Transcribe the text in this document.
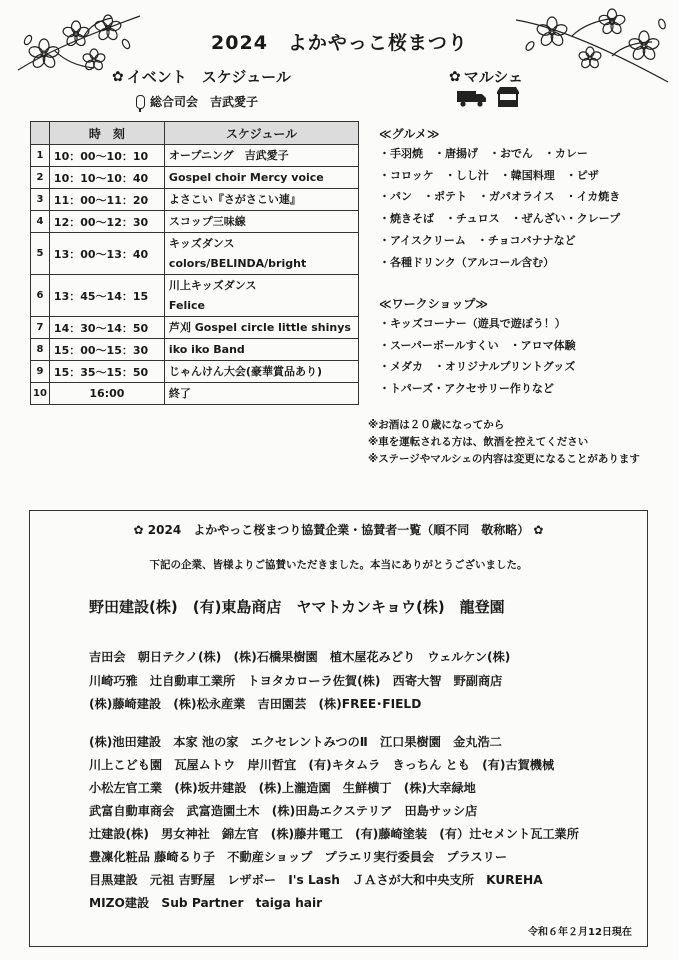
2024　よかやっこ桜まつり
✿ イベント　スケジュール
総合司会　吉武愛子
	時　刻	スケジュール
1	10：00〜10：10	オープニング　吉武愛子
2	10：10〜10：40	Gospel choir Mercy voice
3	11：00〜11：20	よさこい『さがさこい連』
4	12：00〜12：30	スコップ三味線
5	13：00〜13：40	キッズダンス
colors/BELINDA/bright
6	13：45〜14：15	川上キッズダンス
Felice
7	14：30〜14：50	芦刈 Gospel circle little shinys
8	15：00〜15：30	iko iko Band
9	15：35〜15：50	じゃんけん大会(豪華賞品あり)
10	16:00	終了
✿ マルシェ
≪グルメ≫
・手羽焼　・唐揚げ　・おでん　・カレー
・コロッケ　・しし汁　・韓国料理　・ピザ
・パン　・ポテト　・ガパオライス　・イカ焼き
・焼きそば　・チュロス　・ぜんざい・クレープ
・アイスクリーム　・チョコバナナなど
・各種ドリンク（アルコール含む）
≪ワークショップ≫
・キッズコーナー（遊具で遊ぼう！）
・スーパーボールすくい　・アロマ体験
・メダカ　・オリジナルプリントグッズ
・トパーズ・アクセサリー作りなど
※お酒は２０歳になってから
※車を運転される方は、飲酒を控えてください
※ステージやマルシェの内容は変更になることがあります
✿ 2024　よかやっこ桜まつり協賛企業・協賛者一覧（順不同　敬称略） ✿
下記の企業、皆様よりご協賛いただきました。本当にありがとうございました。
野田建設(株)　(有)東島商店　ヤマトカンキョウ(株)　龍登園
吉田会　朝日テクノ(株)　(株)石橋果樹園　植木屋花みどり　ウェルケン(株)
川崎巧雅　辻自動車工業所　トヨタカローラ佐賀(株)　西寄大智　野副商店
(株)藤崎建設　(株)松永産業　吉田園芸　(株)FREE･FIELD
(株)池田建設　本家 池の家　エクセレントみつのⅡ　江口果樹園　金丸浩二
川上こども園　瓦屋ムトウ　岸川哲宜　(有)キタムラ　きっちん とも　(有)古賀機械
小松左官工業　(株)坂井建設　(株)上瀧造園　生鮮横丁　(株)大幸緑地
武富自動車商会　武富造園土木　(株)田島エクステリア　田島サッシ店
辻建設(株)　男女神社　錦左官　(株)藤井電工　(有)藤崎塗装　(有）辻セメント瓦工業所
豊凜化粧品 藤崎るり子　不動産ショップ　プラエリ実行委員会　プラスリー
目黒建設　元祖 吉野屋　レザボー　I's Lash　ＪＡさが大和中央支所　KUREHA
MIZO建設　Sub Partner　taiga hair
令和６年２月12日現在
